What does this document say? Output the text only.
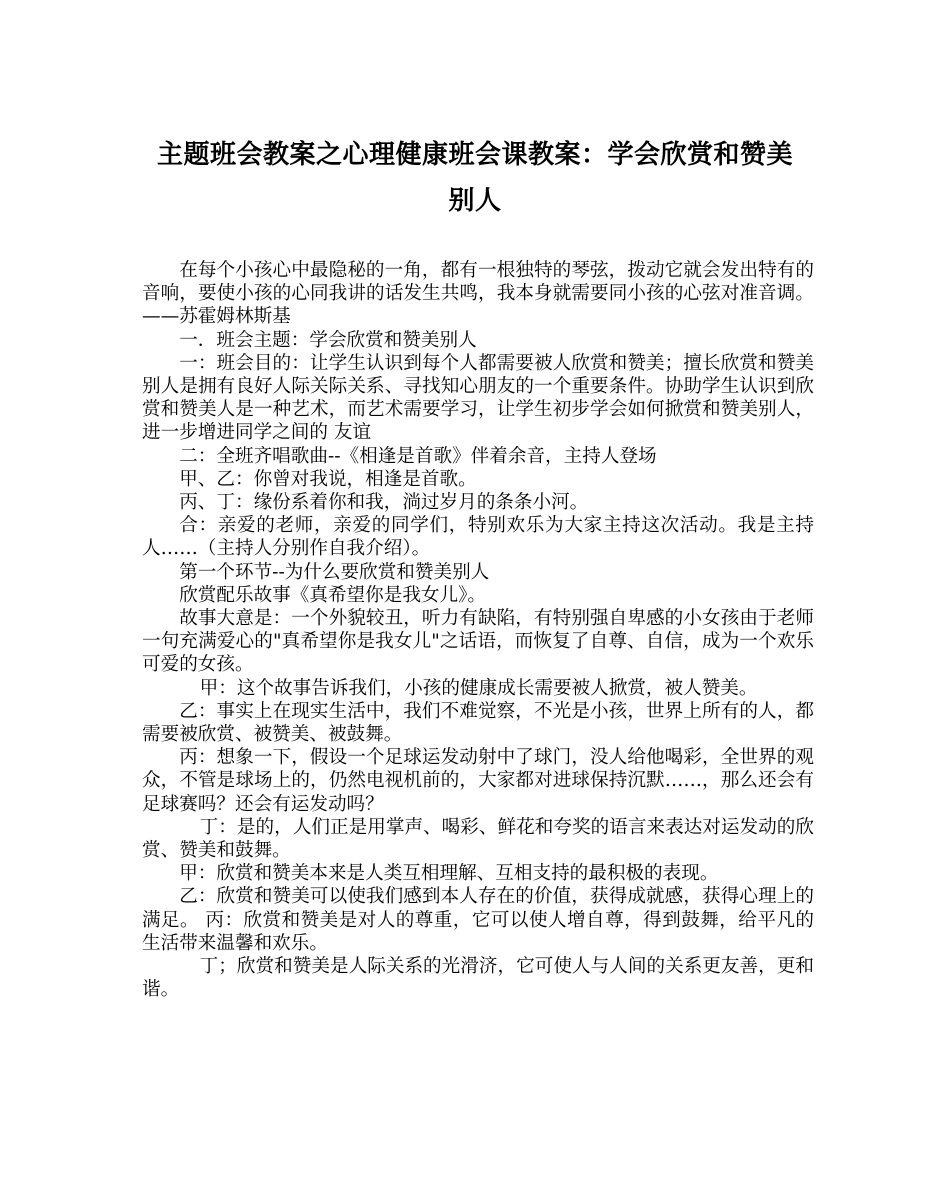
主题班会教案之心理健康班会课教案：学会欣赏和赞美
别人

在每个小孩心中最隐秘的一角，都有一根独特的琴弦，拨动它就会发出特有的音响，要使小孩的心同我讲的话发生共鸣，我本身就需要同小孩的心弦对准音调。——苏霍姆林斯基

一．班会主题：学会欣赏和赞美别人

一：班会目的：让学生认识到每个人都需要被人欣赏和赞美；擅长欣赏和赞美别人是拥有良好人际关际关系、寻找知心朋友的一个重要条件。协助学生认识到欣赏和赞美人是一种艺术，而艺术需要学习，让学生初步学会如何掀赏和赞美别人，进一步增进同学之间的 友谊

二：全班齐唱歌曲--《相逢是首歌》伴着余音，主持人登场

甲、乙：你曾对我说，相逢是首歌。

丙、丁：缘份系着你和我，淌过岁月的条条小河。

合：亲爱的老师，亲爱的同学们，特别欢乐为大家主持这次活动。我是主持人……（主持人分别作自我介绍）。

第一个环节--为什么要欣赏和赞美别人

欣赏配乐故事《真希望你是我女儿》。

故事大意是：一个外貌较丑，听力有缺陷，有特别强自卑感的小女孩由于老师一句充满爱心的"真希望你是我女儿"之话语，而恢复了自尊、自信，成为一个欢乐可爱的女孩。

甲：这个故事告诉我们，小孩的健康成长需要被人掀赏，被人赞美。

乙：事实上在现实生活中，我们不难觉察，不光是小孩，世界上所有的人，都需要被欣赏、被赞美、被鼓舞。

丙：想象一下，假设一个足球运发动射中了球门，没人给他喝彩，全世界的观众，不管是球场上的，仍然电视机前的，大家都对进球保持沉默……，那么还会有足球赛吗？还会有运发动吗？

丁：是的，人们正是用掌声、喝彩、鲜花和夸奖的语言来表达对运发动的欣赏、赞美和鼓舞。

甲：欣赏和赞美本来是人类互相理解、互相支持的最积极的表现。

乙：欣赏和赞美可以使我们感到本人存在的价值，获得成就感，获得心理上的满足。 丙：欣赏和赞美是对人的尊重，它可以使人增自尊，得到鼓舞，给平凡的生活带来温馨和欢乐。

丁；欣赏和赞美是人际关系的光滑济，它可使人与人间的关系更友善，更和谐。
